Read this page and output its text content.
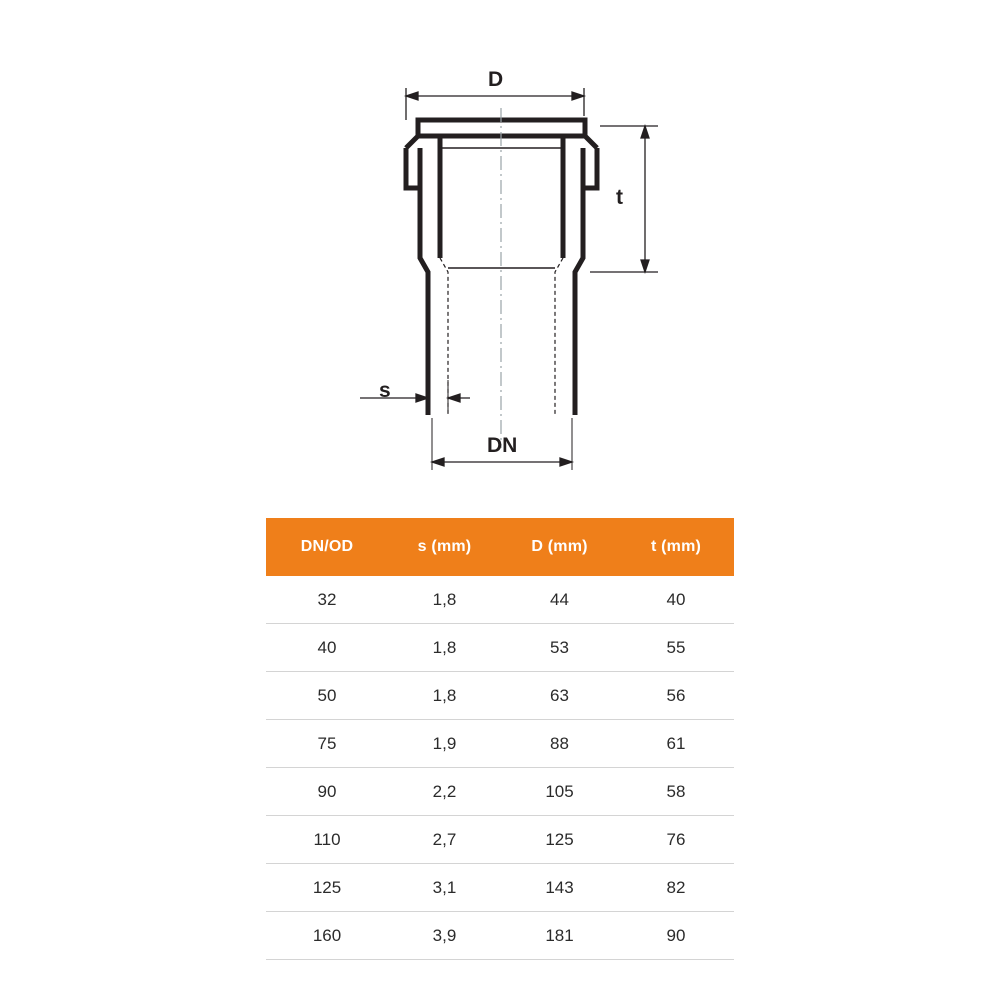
D
t
s
DN
DN/OD	s (mm)	D (mm)	t (mm)
32	1,8	44	40
40	1,8	53	55
50	1,8	63	56
75	1,9	88	61
90	2,2	105	58
110	2,7	125	76
125	3,1	143	82
160	3,9	181	90
